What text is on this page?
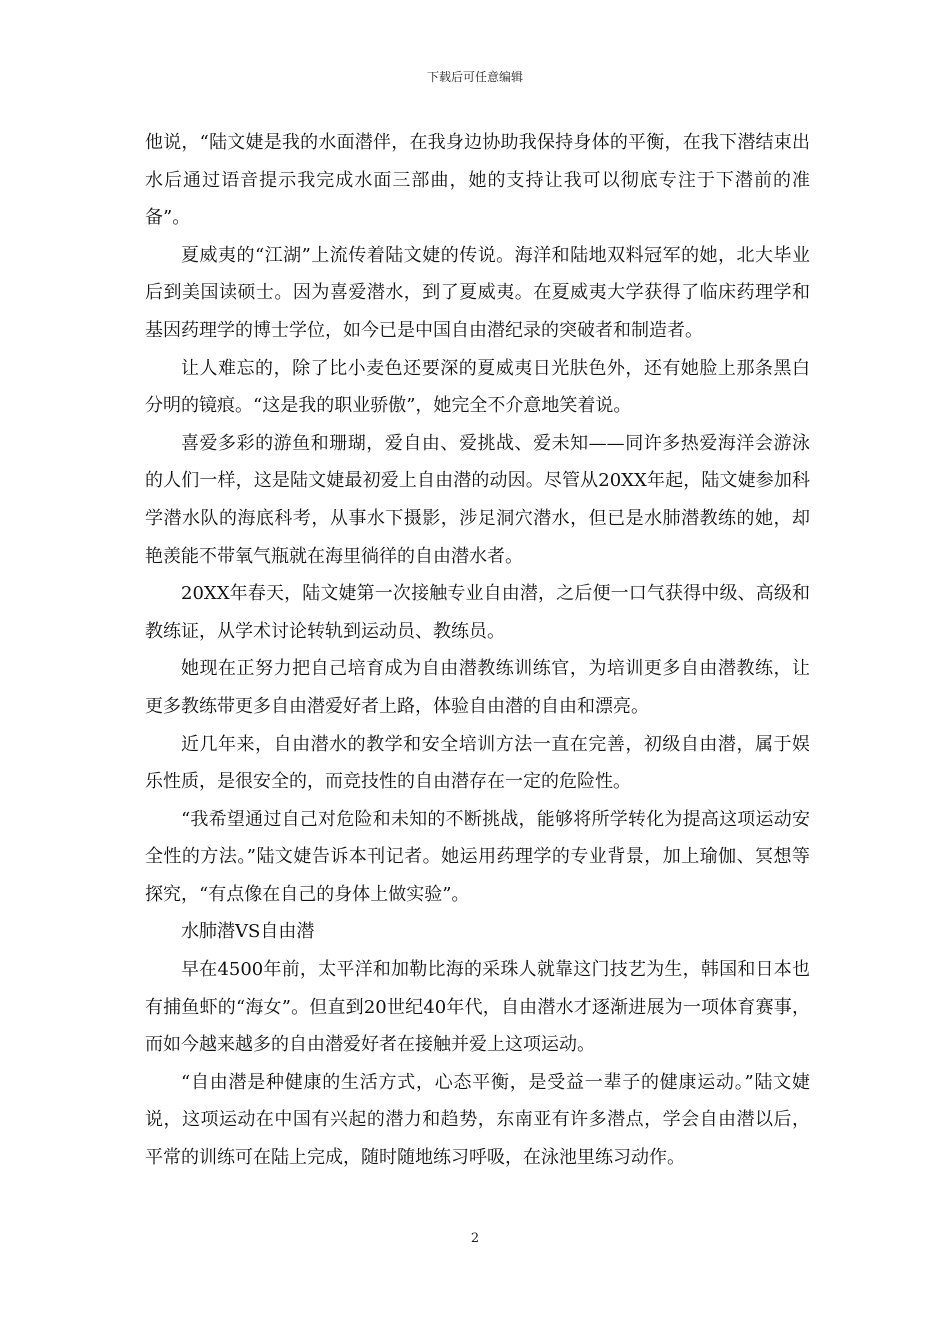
下载后可任意编辑

他说，“陆文婕是我的水面潜伴，在我身边协助我保持身体的平衡，在我下潜结束出水后通过语音提示我完成水面三部曲，她的支持让我可以彻底专注于下潜前的准备”。

夏威夷的“江湖”上流传着陆文婕的传说。海洋和陆地双料冠军的她，北大毕业后到美国读硕士。因为喜爱潜水，到了夏威夷。在夏威夷大学获得了临床药理学和基因药理学的博士学位，如今已是中国自由潜纪录的突破者和制造者。

让人难忘的，除了比小麦色还要深的夏威夷日光肤色外，还有她脸上那条黑白分明的镜痕。“这是我的职业骄傲”，她完全不介意地笑着说。

喜爱多彩的游鱼和珊瑚，爱自由、爱挑战、爱未知——同许多热爱海洋会游泳的人们一样，这是陆文婕最初爱上自由潜的动因。尽管从20XX年起，陆文婕参加科学潜水队的海底科考，从事水下摄影，涉足洞穴潜水，但已是水肺潜教练的她，却艳羡能不带氧气瓶就在海里徜徉的自由潜水者。

20XX年春天，陆文婕第一次接触专业自由潜，之后便一口气获得中级、高级和教练证，从学术讨论转轨到运动员、教练员。

她现在正努力把自己培育成为自由潜教练训练官，为培训更多自由潜教练，让更多教练带更多自由潜爱好者上路，体验自由潜的自由和漂亮。

近几年来，自由潜水的教学和安全培训方法一直在完善，初级自由潜，属于娱乐性质，是很安全的，而竞技性的自由潜存在一定的危险性。

“我希望通过自己对危险和未知的不断挑战，能够将所学转化为提高这项运动安全性的方法。”陆文婕告诉本刊记者。她运用药理学的专业背景，加上瑜伽、冥想等探究，“有点像在自己的身体上做实验”。

水肺潜VS自由潜

早在4500年前，太平洋和加勒比海的采珠人就靠这门技艺为生，韩国和日本也有捕鱼虾的“海女”。但直到20世纪40年代，自由潜水才逐渐进展为一项体育赛事，而如今越来越多的自由潜爱好者在接触并爱上这项运动。

“自由潜是种健康的生活方式，心态平衡，是受益一辈子的健康运动。”陆文婕说，这项运动在中国有兴起的潜力和趋势，东南亚有许多潜点，学会自由潜以后，平常的训练可在陆上完成，随时随地练习呼吸，在泳池里练习动作。

2
